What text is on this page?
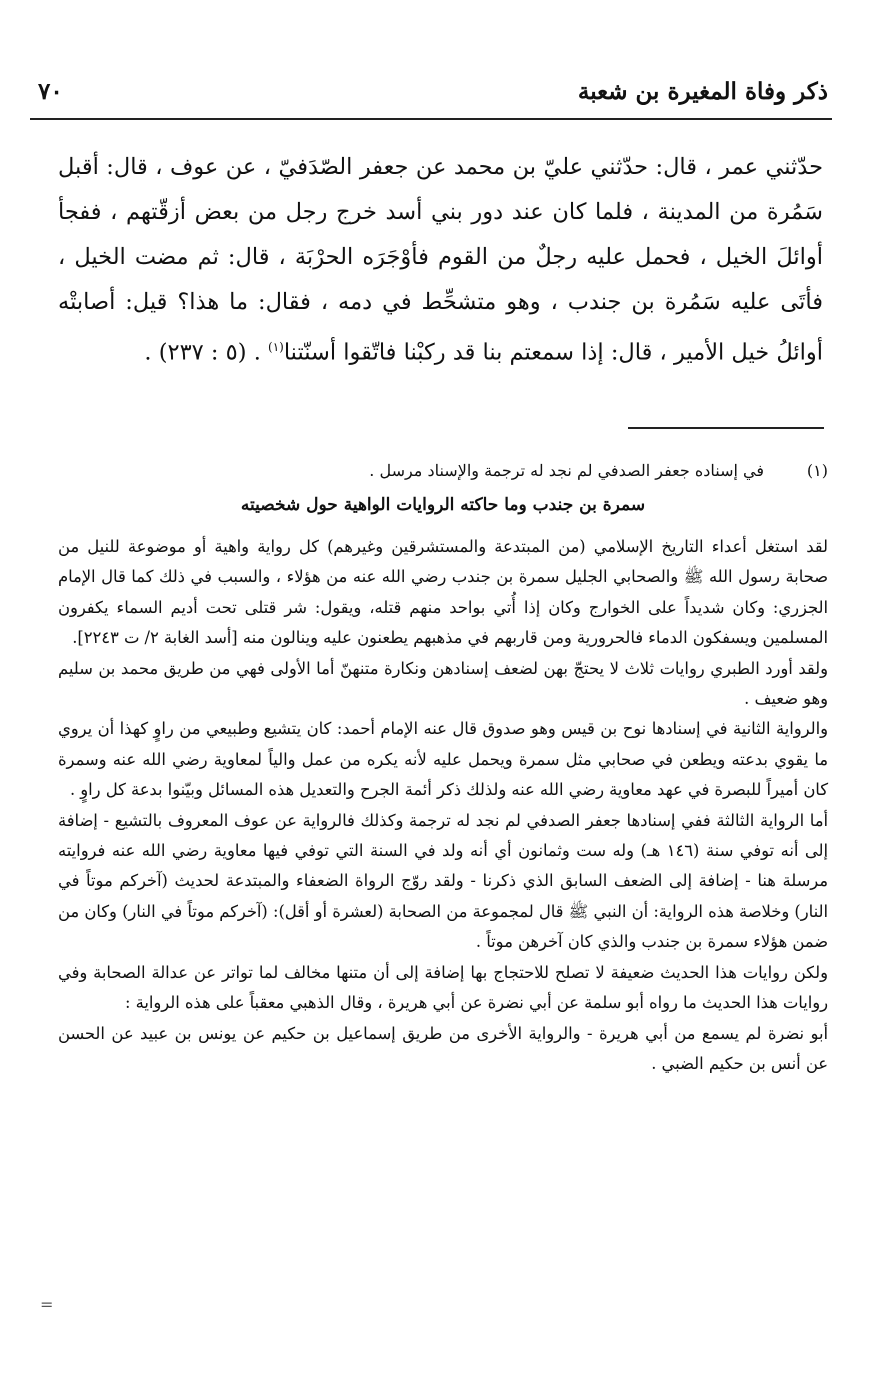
ذكر وفاة المغيرة بن شعبة
٧٠
حدّثني عمر ، قال: حدّثني عليّ بن محمد عن جعفر الصّدَفيّ ، عن عوف ، قال: أقبل سَمُرة من المدينة ، فلما كان عند دور بني أسد خرج رجل من بعض أزقّتهم ، ففجأ أوائلَ الخيل ، فحمل عليه رجلٌ من القوم فأوْجَرَه الحرْبَة ، قال: ثم مضت الخيل ، فأتَى عليه سَمُرة بن جندب ، وهو متشحِّط في دمه ، فقال: ما هذا؟ قيل: أصابتْه أوائلُ خيل الأمير ، قال: إذا سمعتم بنا قد ركبْنا فاتّقوا أسنّتنا$^{(١)}$ . (٥ : ٢٣٧) .
(١)
في إسناده جعفر الصدفي لم نجد له ترجمة والإسناد مرسل .
سمرة بن جندب وما حاكته الروايات الواهية حول شخصيته

لقد استغل أعداء التاريخ الإسلامي (من المبتدعة والمستشرقين وغيرهم) كل رواية واهية أو موضوعة للنيل من صحابة رسول الله ﷺ والصحابي الجليل سمرة بن جندب رضي الله عنه من هؤلاء ، والسبب في ذلك كما قال الإمام الجزري: وكان شديداً على الخوارج وكان إذا أُتي بواحد منهم قتله، ويقول: شر قتلى تحت أديم السماء يكفرون المسلمين ويسفكون الدماء فالحرورية ومن قاربهم في مذهبهم يطعنون عليه وينالون منه [أسد الغابة ٢/ ت ٢٢٤٣].

ولقد أورد الطبري روايات ثلاث لا يحتجّ بهن لضعف إسنادهن ونكارة متنهنّ أما الأولى فهي من طريق محمد بن سليم وهو ضعيف .

والرواية الثانية في إسنادها نوح بن قيس وهو صدوق قال عنه الإمام أحمد: كان يتشيع وطبيعي من راوٍ كهذا أن يروي ما يقوي بدعته ويطعن في صحابي مثل سمرة ويحمل عليه لأنه يكره من عمل والياً لمعاوية رضي الله عنه وسمرة كان أميراً للبصرة في عهد معاوية رضي الله عنه ولذلك ذكر أئمة الجرح والتعديل هذه المسائل وبيّنوا بدعة كل راوٍ .

أما الرواية الثالثة ففي إسنادها جعفر الصدفي لم نجد له ترجمة وكذلك فالرواية عن عوف المعروف بالتشيع - إضافة إلى أنه توفي سنة (١٤٦ هـ) وله ست وثمانون أي أنه ولد في السنة التي توفي فيها معاوية رضي الله عنه فروايته مرسلة هنا - إضافة إلى الضعف السابق الذي ذكرنا - ولقد روّج الرواة الضعفاء والمبتدعة لحديث (آخركم موتاً في النار) وخلاصة هذه الرواية: أن النبي ﷺ قال لمجموعة من الصحابة (لعشرة أو أقل): (آخركم موتاً في النار) وكان من ضمن هؤلاء سمرة بن جندب والذي كان آخرهن موتاً .

ولكن روايات هذا الحديث ضعيفة لا تصلح للاحتجاج بها إضافة إلى أن متنها مخالف لما تواتر عن عدالة الصحابة وفي روايات هذا الحديث ما رواه أبو سلمة عن أبي نضرة عن أبي هريرة ، وقال الذهبي معقباً على هذه الرواية :

أبو نضرة لم يسمع من أبي هريرة - والرواية الأخرى من طريق إسماعيل بن حكيم عن يونس بن عبيد عن الحسن عن أنس بن حكيم الضبي .

=
